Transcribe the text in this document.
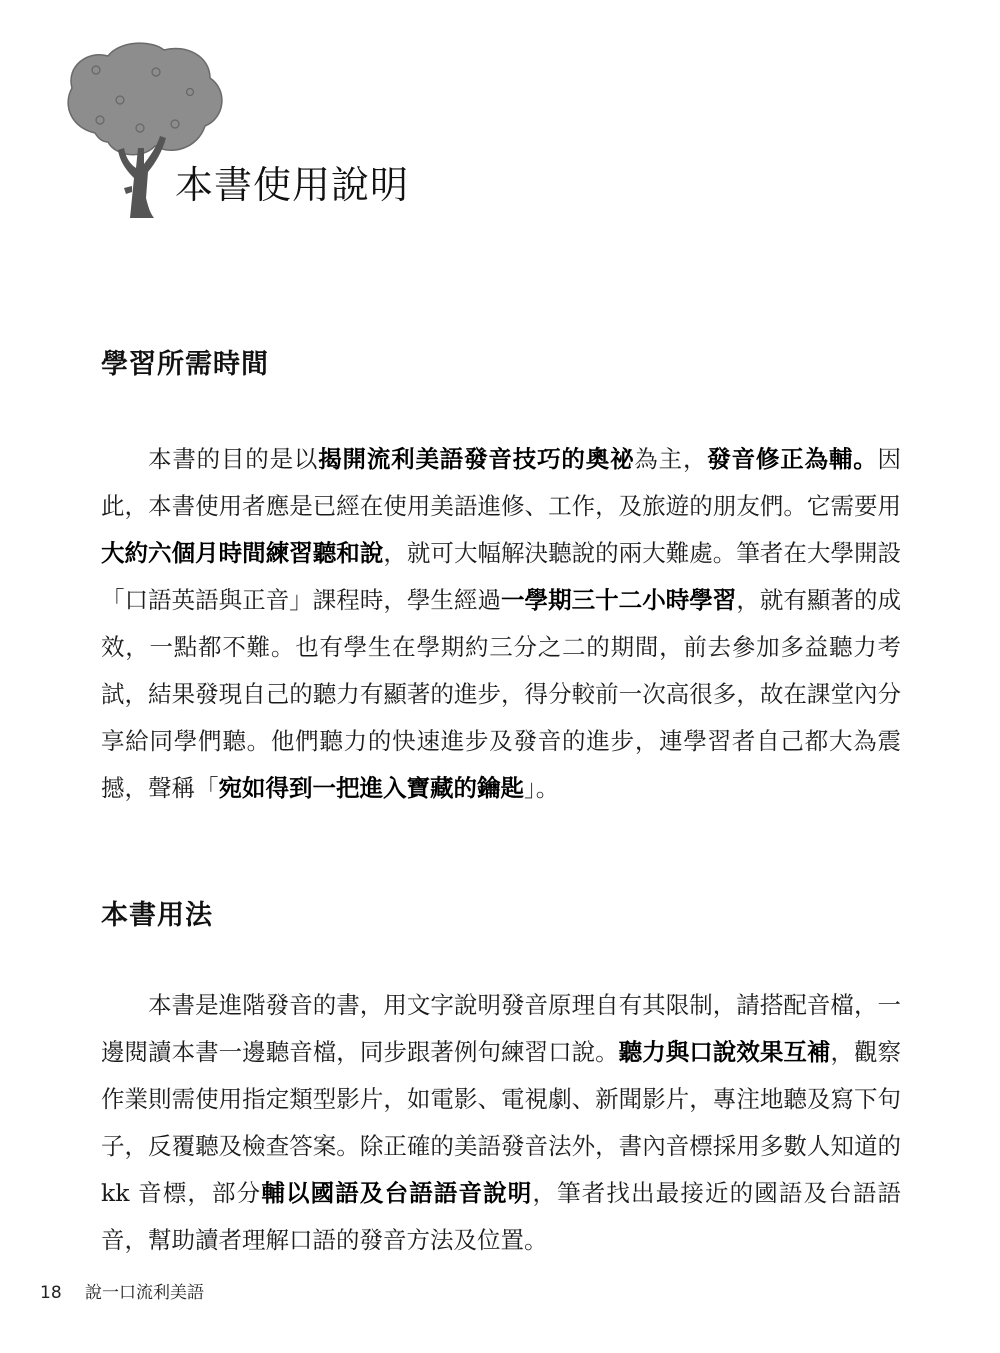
本書使用說明
學習所需時間

本書的目的是以揭開流利美語發音技巧的奧祕為主，發音修正為輔。因此，本書使用者應是已經在使用美語進修、工作，及旅遊的朋友們。它需要用大約六個月時間練習聽和說，就可大幅解決聽說的兩大難處。筆者在大學開設「口語英語與正音」課程時，學生經過一學期三十二小時學習，就有顯著的成效，一點都不難。也有學生在學期約三分之二的期間，前去參加多益聽力考試，結果發現自己的聽力有顯著的進步，得分較前一次高很多，故在課堂內分享給同學們聽。他們聽力的快速進步及發音的進步，連學習者自己都大為震撼，聲稱「宛如得到一把進入寶藏的鑰匙」。

本書用法

本書是進階發音的書，用文字說明發音原理自有其限制，請搭配音檔，一邊閱讀本書一邊聽音檔，同步跟著例句練習口說。聽力與口說效果互補，觀察作業則需使用指定類型影片，如電影、電視劇、新聞影片，專注地聽及寫下句子，反覆聽及檢查答案。除正確的美語發音法外，書內音標採用多數人知道的 kk 音標，部分輔以國語及台語語音說明，筆者找出最接近的國語及台語語音，幫助讀者理解口語的發音方法及位置。

18 說一口流利美語
